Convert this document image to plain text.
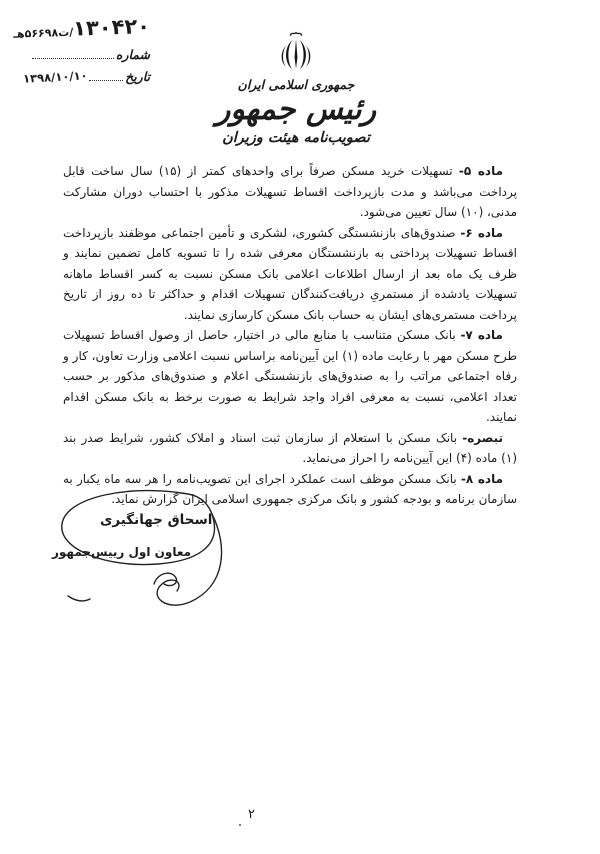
۱۳۰۴۲۰/ت۵۶۶۹۸هـ
شماره
تاریخ۱۳۹۸/۱۰/۱۰	جمهوری اسلامی ایران
رئیس جمهور
تصویب‌نامه هیئت وزیران

ماده ۵- تسهیلات خرید مسکن صرفاً برای واحدهای کمتر از (۱۵) سال ساخت قابل پرداخت می‌باشد و مدت بازپرداخت اقساط تسهیلات مذکور با احتساب دوران مشارکت مدنی، (۱۰) سال تعیین می‌شود.

ماده ۶- صندوق‌های بازنشستگی کشوری، لشکری و تأمین اجتماعی موظفند بازپرداخت اقساط تسهیلات پرداختی به بازنشستگان معرفی شده را تا تسویه کامل تضمین نمایند و ظرف یک ماه بعد از ارسال اطلاعات اعلامی بانک مسکن نسبت به کسر اقساط ماهانه تسهیلات یادشده از مستمریِ دریافت‌کنندگان تسهیلات اقدام و حداکثر تا ده روز از تاریخ پرداخت مستمری‌های ایشان به حساب بانک مسکن کارسازی نمایند.

ماده ۷- بانک مسکن متناسب با منابع مالی در اختیار، حاصل از وصول اقساط تسهیلات طرح مسکن مهر با رعایت ماده (۱) این آیین‌نامه براساس نسبت اعلامی وزارت تعاون، کار و رفاه اجتماعی مراتب را به صندوق‌های بازنشستگی اعلام و صندوق‌های مذکور بر حسب تعداد اعلامی، نسبت به معرفی افراد واجد شرایط به صورت برخط به بانک مسکن اقدام نمایند.

تبصره- بانک مسکن با استعلام از سازمان ثبت اسناد و املاک کشور، شرایط صدر بند (۱) ماده (۴) این آیین‌نامه را احراز می‌نماید.

ماده ۸- بانک مسکن موظف است عملکرد اجرای این تصویب‌نامه را هر سه ماه یکبار به سازمان برنامه و بودجه کشور و بانک مرکزی جمهوری اسلامی ایران گزارش نماید.

اسحاق جهانگیری
معاون اول رییس‌جمهور
۲
